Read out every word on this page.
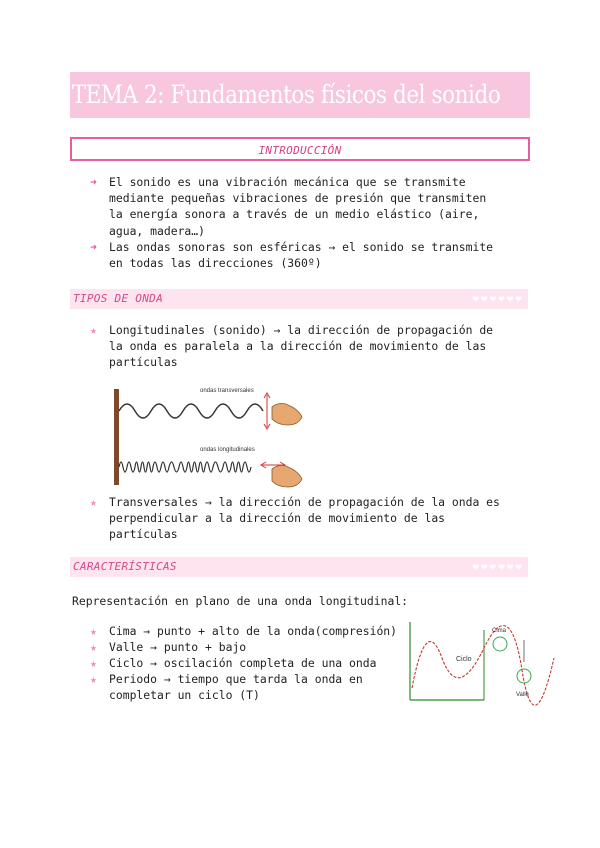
TEMA 2: Fundamentos físicos del sonido
INTRODUCCIÓN
➜	El sonido es una vibración mecánica que se transmite
mediante pequeñas vibraciones de presión que transmiten
la energía sonora a través de un medio elástico (aire,
agua, madera…)
➜	Las ondas sonoras son esféricas → el sonido se transmite
en todas las direcciones (360º)
TIPOS DE ONDA	❤❤❤❤❤❤
★	Longitudinales (sonido) → la dirección de propagación de
la onda es paralela a la dirección de movimiento de las
partículas
ondas transversales
ondas longitudinales
★	Transversales → la dirección de propagación de la onda es
perpendicular a la dirección de movimiento de las
partículas
CARACTERÍSTICAS	❤❤❤❤❤❤
Representación en plano de una onda longitudinal:
★	Cima → punto + alto de la onda(compresión)
★	Valle → punto + bajo
★	Ciclo → oscilación completa de una onda
★	Periodo → tiempo que tarda la onda en
completar un ciclo (T)
Cima
Ciclo
Valle
